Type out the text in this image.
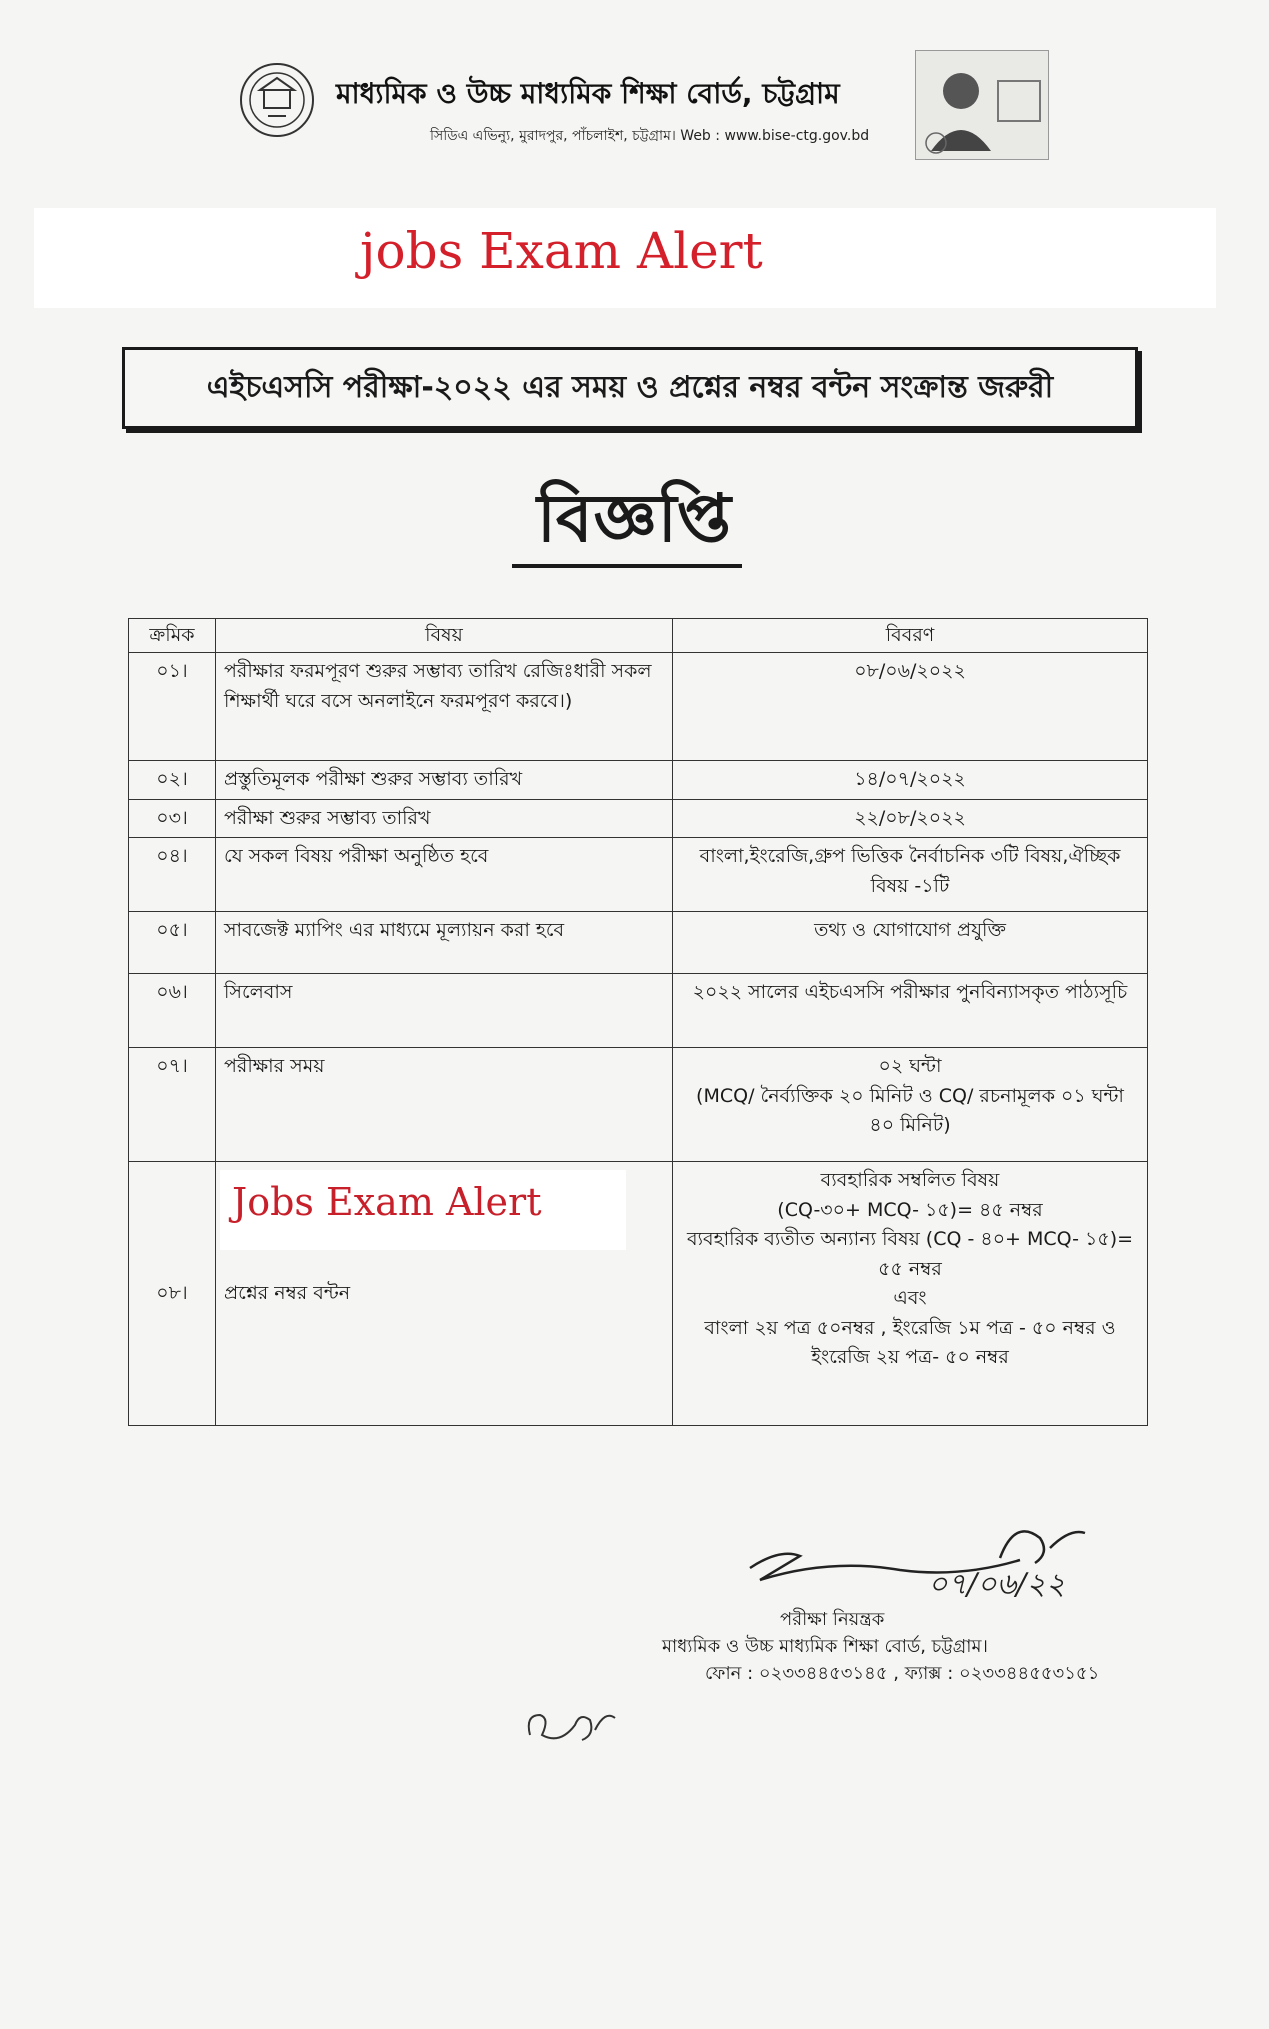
মাধ্যমিক ও উচ্চ মাধ্যমিক শিক্ষা বোর্ড, চট্টগ্রাম
সিডিএ এভিন্যু, মুরাদপুর, পাঁচলাইশ, চট্টগ্রাম। Web : www.bise-ctg.gov.bd
jobs Exam Alert
এইচএসসি পরীক্ষা-২০২২ এর সময় ও প্রশ্নের নম্বর বন্টন সংক্রান্ত জরুরী
বিজ্ঞপ্তি
ক্রমিক	বিষয়	বিবরণ
০১।	পরীক্ষার ফরমপূরণ শুরুর সম্ভাব্য তারিখ রেজিঃধারী সকল শিক্ষার্থী ঘরে বসে অনলাইনে ফরমপূরণ করবে।)	০৮/০৬/২০২২

০২।	প্রস্তুতিমূলক পরীক্ষা শুরুর সম্ভাব্য তারিখ	১৪/০৭/২০২২

০৩।	পরীক্ষা শুরুর সম্ভাব্য তারিখ	২২/০৮/২০২২

০৪।	যে সকল বিষয় পরীক্ষা অনুষ্ঠিত হবে	বাংলা,ইংরেজি,গ্রুপ ভিত্তিক নৈর্বাচনিক ৩টি বিষয়,ঐচ্ছিক বিষয় -১টি

০৫।	সাবজেক্ট ম্যাপিং এর মাধ্যমে মূল্যায়ন করা হবে	তথ্য ও যোগাযোগ প্রযুক্তি

০৬।	সিলেবাস	২০২২ সালের এইচএসসি পরীক্ষার পুনবিন্যাসকৃত পাঠ্যসূচি

০৭।	পরীক্ষার সময়	০২ ঘন্টা
(MCQ/ নৈর্ব্যক্তিক ২০ মিনিট ও CQ/ রচনামূলক ০১ ঘন্টা ৪০ মিনিট)

০৮।	প্রশ্নের নম্বর বন্টন	ব্যবহারিক সম্বলিত বিষয়
(CQ-৩০+ MCQ- ১৫)= ৪৫ নম্বর
ব্যবহারিক ব্যতীত অন্যান্য বিষয় (CQ - ৪০+ MCQ- ১৫)= ৫৫ নম্বর
এবং
বাংলা ২য় পত্র ৫০নম্বর , ইংরেজি ১ম পত্র - ৫০ নম্বর ও ইংরেজি ২য় পত্র- ৫০ নম্বর
Jobs Exam Alert
০৭/০৬/২২
পরীক্ষা নিয়ন্ত্রক
মাধ্যমিক ও উচ্চ মাধ্যমিক শিক্ষা বোর্ড, চট্টগ্রাম।
ফোন : ০২৩৩৪৪৫৩১৪৫ , ফ্যাক্স : ০২৩৩৪৪৫৫৩১৫১
